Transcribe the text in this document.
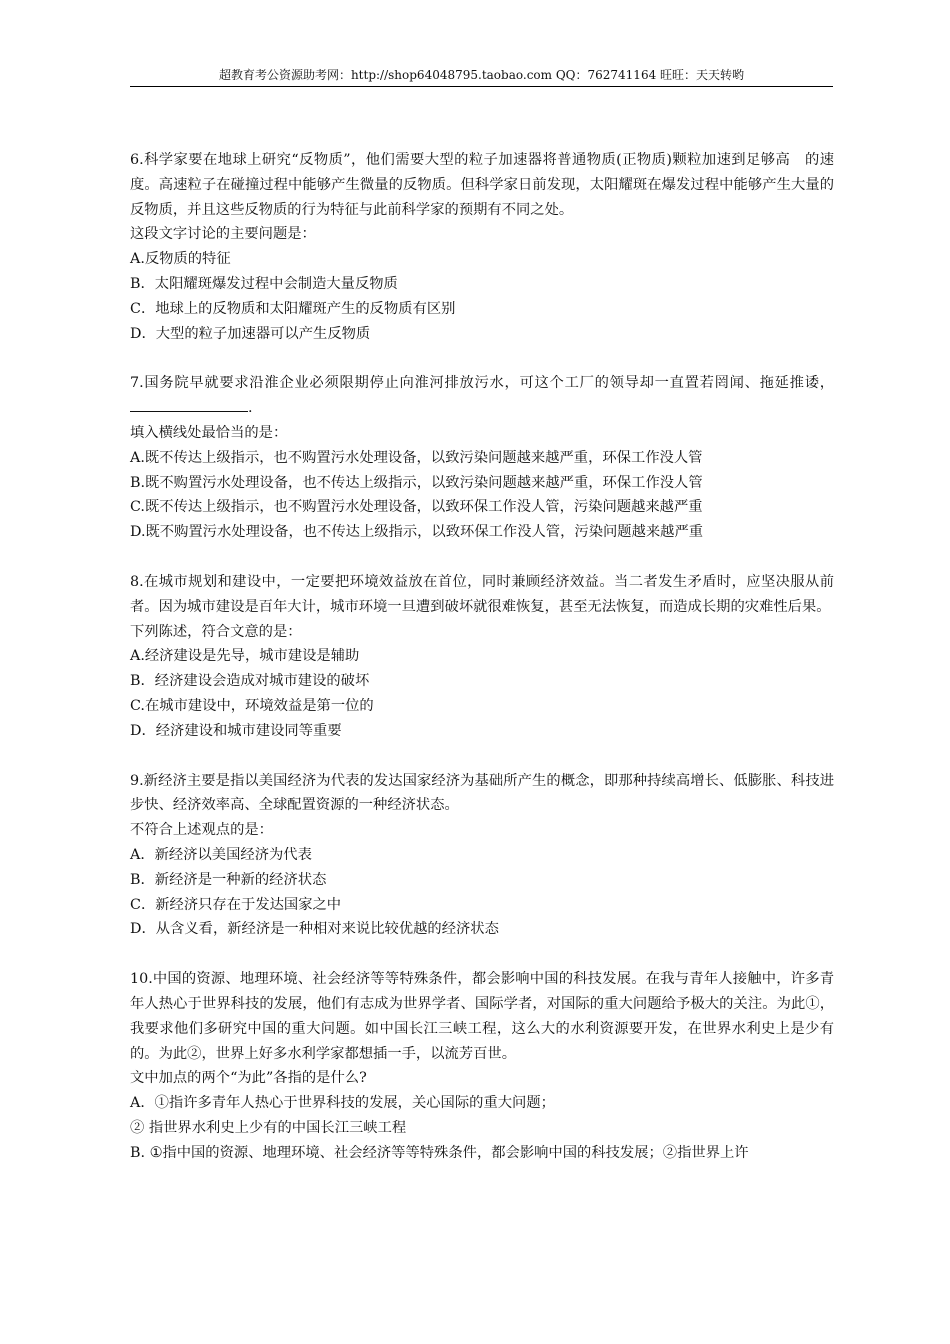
超教育考公资源助考网：http://shop64048795.taobao.com QQ：762741164 旺旺：天天转哟
6.科学家要在地球上研究“反物质”，他们需要大型的粒子加速器将普通物质(正物质)颗粒加速到足够高　的速度。高速粒子在碰撞过程中能够产生微量的反物质。但科学家日前发现，太阳耀斑在爆发过程中能够产生大量的反物质，并且这些反物质的行为特征与此前科学家的预期有不同之处。
这段文字讨论的主要问题是：
A.反物质的特征
B．太阳耀斑爆发过程中会制造大量反物质
C．地球上的反物质和太阳耀斑产生的反物质有区别
D．大型的粒子加速器可以产生反物质
7.国务院早就要求沿淮企业必须限期停止向淮河排放污水，可这个工厂的领导却一直置若罔闻、拖延推诿，.
填入横线处最恰当的是：
A.既不传达上级指示，也不购置污水处理设备，以致污染问题越来越严重，环保工作没人管
B.既不购置污水处理设备，也不传达上级指示，以致污染问题越来越严重，环保工作没人管
C.既不传达上级指示，也不购置污水处理设备，以致环保工作没人管，污染问题越来越严重
D.既不购置污水处理设备，也不传达上级指示，以致环保工作没人管，污染问题越来越严重
8.在城市规划和建设中，一定要把环境效益放在首位，同时兼顾经济效益。当二者发生矛盾时，应坚决服从前者。因为城市建设是百年大计，城市环境一旦遭到破坏就很难恢复，甚至无法恢复，而造成长期的灾难性后果。
下列陈述，符合文意的是：
A.经济建设是先导，城市建设是辅助
B．经济建设会造成对城市建设的破坏
C.在城市建设中，环境效益是第一位的
D．经济建设和城市建设同等重要
9.新经济主要是指以美国经济为代表的发达国家经济为基础所产生的概念，即那种持续高增长、低膨胀、科技进步快、经济效率高、全球配置资源的一种经济状态。
不符合上述观点的是：
A．新经济以美国经济为代表
B．新经济是一种新的经济状态
C．新经济只存在于发达国家之中
D．从含义看，新经济是一种相对来说比较优越的经济状态
10.中国的资源、地理环境、社会经济等等特殊条件，都会影响中国的科技发展。在我与青年人接触中，许多青年人热心于世界科技的发展，他们有志成为世界学者、国际学者，对国际的重大问题给予极大的关注。为此①，我要求他们多研究中国的重大问题。如中国长江三峡工程，这么大的水利资源要开发，在世界水利史上是少有的。为此②，世界上好多水利学家都想插一手，以流芳百世。
文中加点的两个“为此”各指的是什么?
A．①指许多青年人热心于世界科技的发展，关心国际的重大问题；
② 指世界水利史上少有的中国长江三峡工程
B. ①指中国的资源、地理环境、社会经济等等特殊条件，都会影响中国的科技发展；②指世界上许
